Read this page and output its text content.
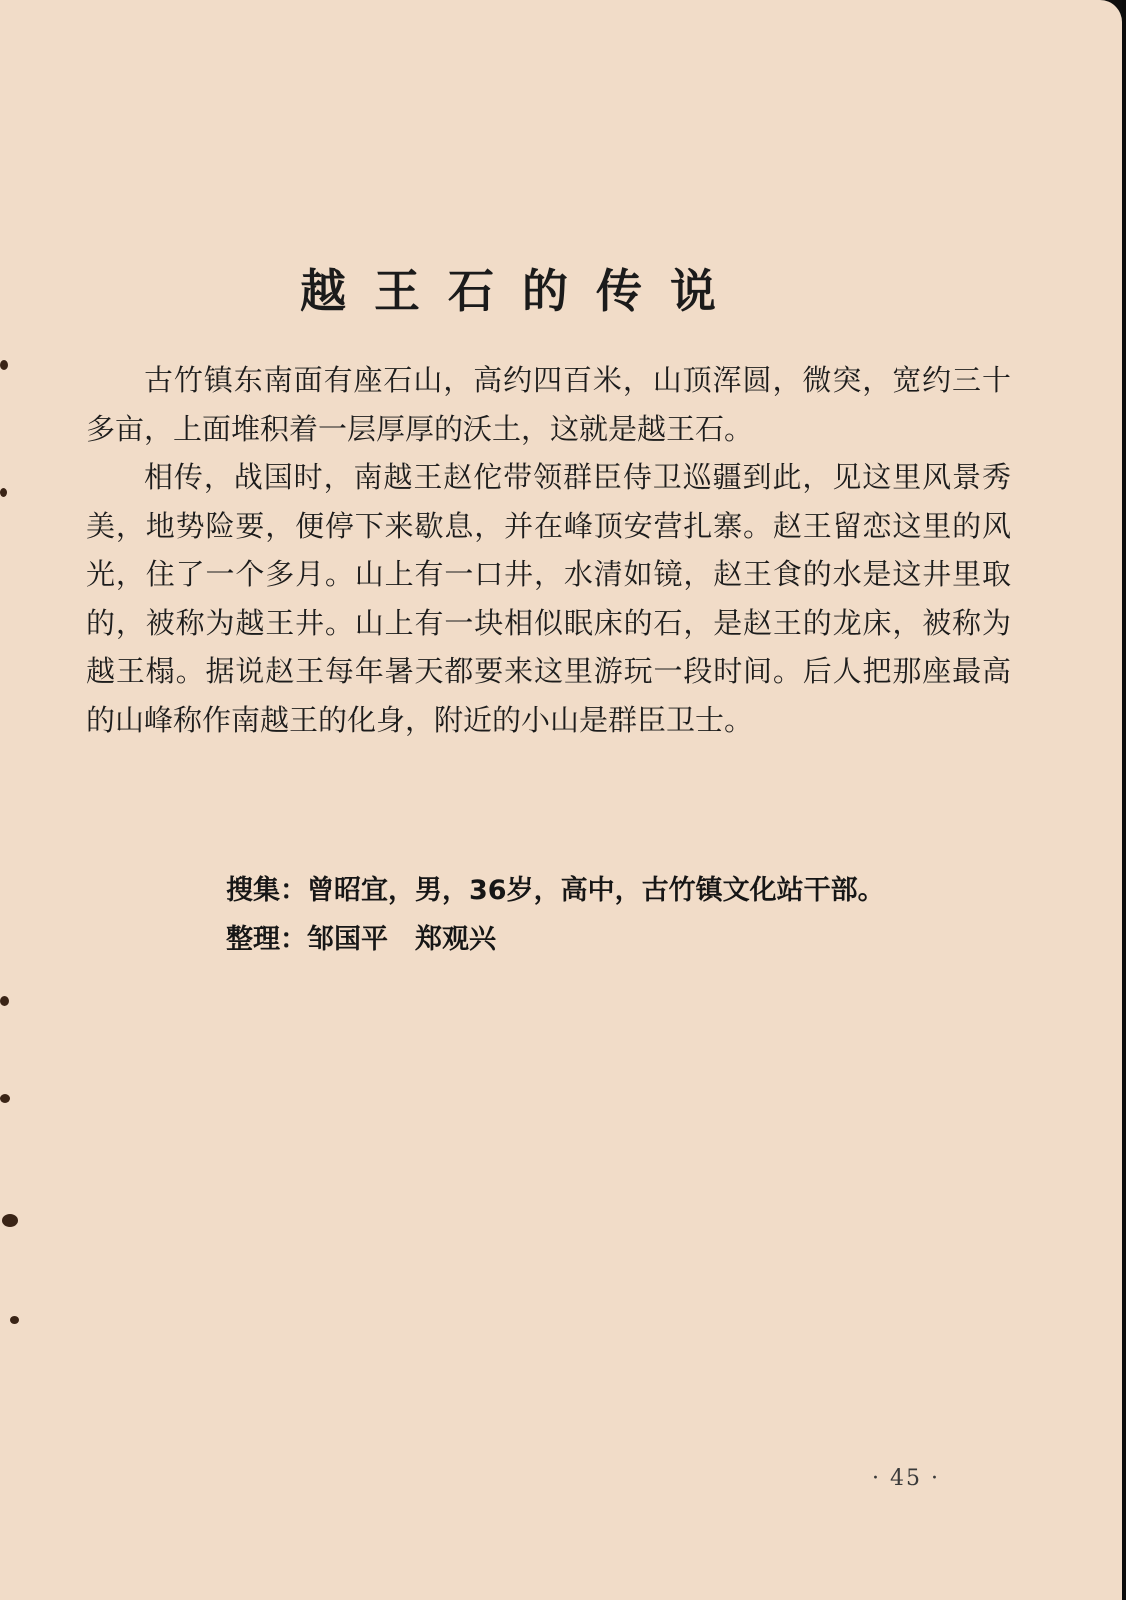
越王石的传说

古竹镇东南面有座石山，高约四百米，山顶浑圆，微突，宽约三十多亩，上面堆积着一层厚厚的沃土，这就是越王石。

相传，战国时，南越王赵佗带领群臣侍卫巡疆到此，见这里风景秀美，地势险要，便停下来歇息，并在峰顶安营扎寨。赵王留恋这里的风光，住了一个多月。山上有一口井，水清如镜，赵王食的水是这井里取的，被称为越王井。山上有一块相似眠床的石，是赵王的龙床，被称为越王榻。据说赵王每年暑天都要来这里游玩一段时间。后人把那座最高的山峰称作南越王的化身，附近的小山是群臣卫士。

搜集：曾昭宜，男，36岁，高中，古竹镇文化站干部。
整理：邹国平　郑观兴
· 45 ·
